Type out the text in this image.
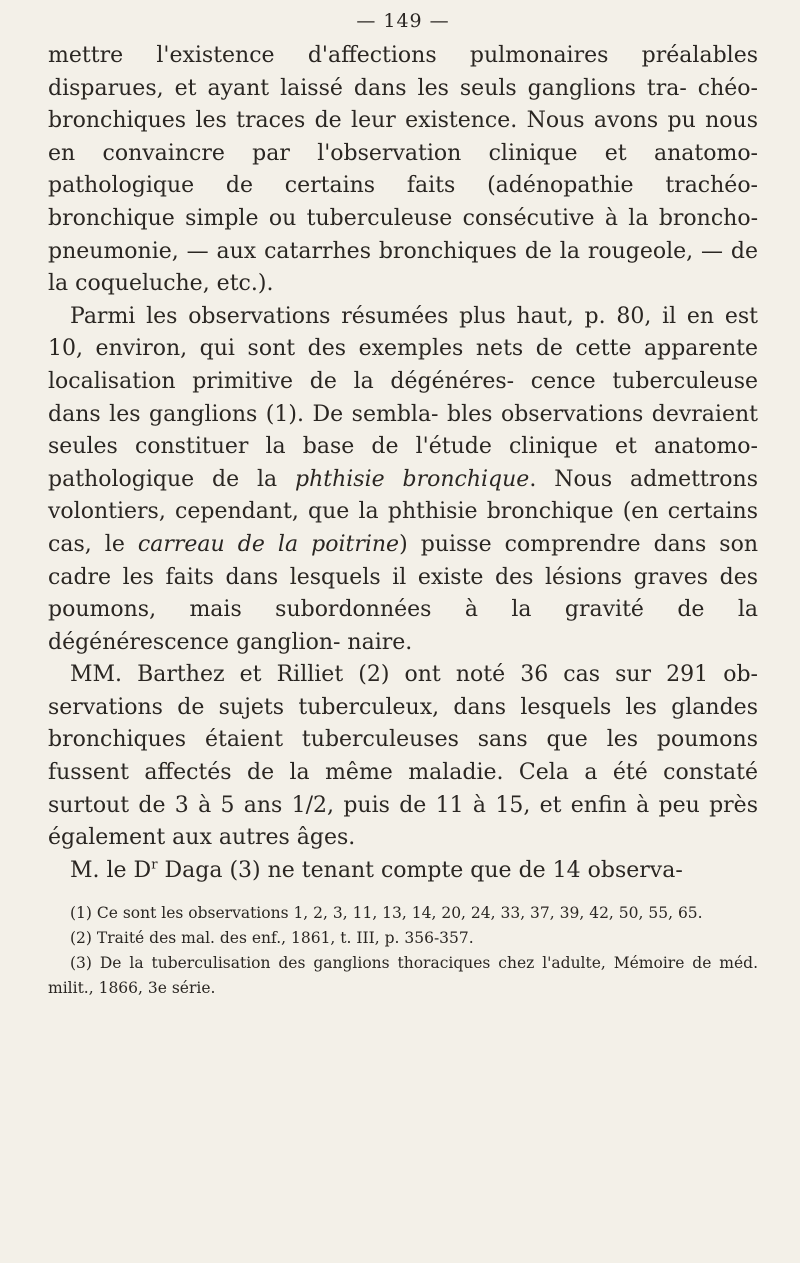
— 149 —

mettre l'existence d'affections pulmonaires préalables disparues, et ayant laissé dans les seuls ganglions tra- chéo-bronchiques les traces de leur existence. Nous avons pu nous en convaincre par l'observation clinique et anatomo-pathologique de certains faits (adénopathie trachéo-bronchique simple ou tuberculeuse consécutive à la broncho-pneumonie, — aux catarrhes bronchiques de la rougeole, — de la coqueluche, etc.).

Parmi les observations résumées plus haut, p. 80, il en est 10, environ, qui sont des exemples nets de cette apparente localisation primitive de la dégénéres- cence tuberculeuse dans les ganglions (1). De sembla- bles observations devraient seules constituer la base de l'étude clinique et anatomo-pathologique de la phthisie bronchique. Nous admettrons volontiers, cependant, que la phthisie bronchique (en certains cas, le carreau de la poitrine) puisse comprendre dans son cadre les faits dans lesquels il existe des lésions graves des poumons, mais subordonnées à la gravité de la dégénérescence ganglion- naire.

MM. Barthez et Rilliet (2) ont noté 36 cas sur 291 ob- servations de sujets tuberculeux, dans lesquels les glandes bronchiques étaient tuberculeuses sans que les poumons fussent affectés de la même maladie. Cela a été constaté surtout de 3 à 5 ans 1/2, puis de 11 à 15, et enfin à peu près également aux autres âges.

M. le $D^r$ Daga (3) ne tenant compte que de 14 observa-

(1) Ce sont les observations 1, 2, 3, 11, 13, 14, 20, 24, 33, 37, 39, 42, 50, 55, 65.

(2) Traité des mal. des enf., 1861, t. III, p. 356-357.

(3) De la tuberculisation des ganglions thoraciques chez l'adulte, Mémoire de méd. milit., 1866, 3e série.
